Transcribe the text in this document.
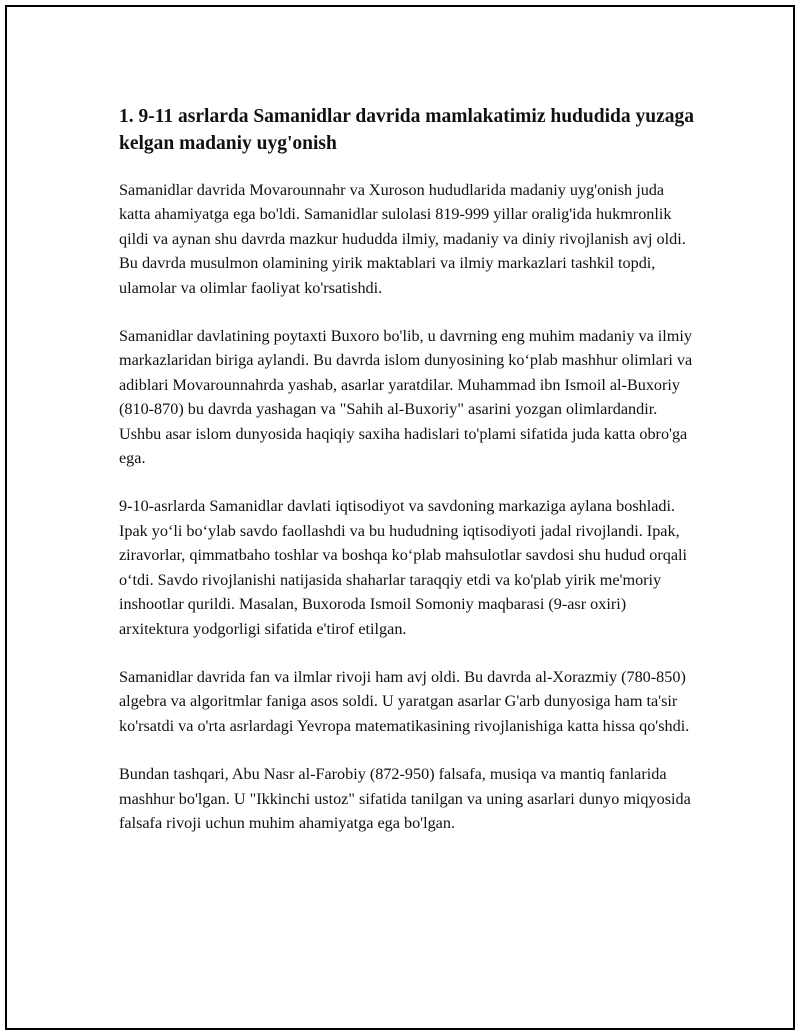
1. 9-11 asrlarda Samanidlar davrida mamlakatimiz hududida yuzaga kelgan madaniy uyg'onish

Samanidlar davrida Movarounnahr va Xuroson hududlarida madaniy uyg'onish juda katta ahamiyatga ega bo'ldi. Samanidlar sulolasi 819-999 yillar oralig'ida hukmronlik qildi va aynan shu davrda mazkur hududda ilmiy, madaniy va diniy rivojlanish avj oldi. Bu davrda musulmon olamining yirik maktablari va ilmiy markazlari tashkil topdi, ulamolar va olimlar faoliyat ko'rsatishdi.

Samanidlar davlatining poytaxti Buxoro bo'lib, u davrning eng muhim madaniy va ilmiy markazlaridan biriga aylandi. Bu davrda islom dunyosining ko‘plab mashhur olimlari va adiblari Movarounnahrda yashab, asarlar yaratdilar. Muhammad ibn Ismoil al-Buxoriy (810-870) bu davrda yashagan va "Sahih al-Buxoriy" asarini yozgan olimlardandir. Ushbu asar islom dunyosida haqiqiy saxiha hadislari to'plami sifatida juda katta obro'ga ega.

9-10-asrlarda Samanidlar davlati iqtisodiyot va savdoning markaziga aylana boshladi. Ipak yo‘li bo‘ylab savdo faollashdi va bu hududning iqtisodiyoti jadal rivojlandi. Ipak, ziravorlar, qimmatbaho toshlar va boshqa ko‘plab mahsulotlar savdosi shu hudud orqali o‘tdi. Savdo rivojlanishi natijasida shaharlar taraqqiy etdi va ko'plab yirik me'moriy inshootlar qurildi. Masalan, Buxoroda Ismoil Somoniy maqbarasi (9-asr oxiri) arxitektura yodgorligi sifatida e'tirof etilgan.

Samanidlar davrida fan va ilmlar rivoji ham avj oldi. Bu davrda al-Xorazmiy (780-850) algebra va algoritmlar faniga asos soldi. U yaratgan asarlar G'arb dunyosiga ham ta'sir ko'rsatdi va o'rta asrlardagi Yevropa matematikasining rivojlanishiga katta hissa qo'shdi.

Bundan tashqari, Abu Nasr al-Farobiy (872-950) falsafa, musiqa va mantiq fanlarida mashhur bo'lgan. U "Ikkinchi ustoz" sifatida tanilgan va uning asarlari dunyo miqyosida falsafa rivoji uchun muhim ahamiyatga ega bo'lgan.
